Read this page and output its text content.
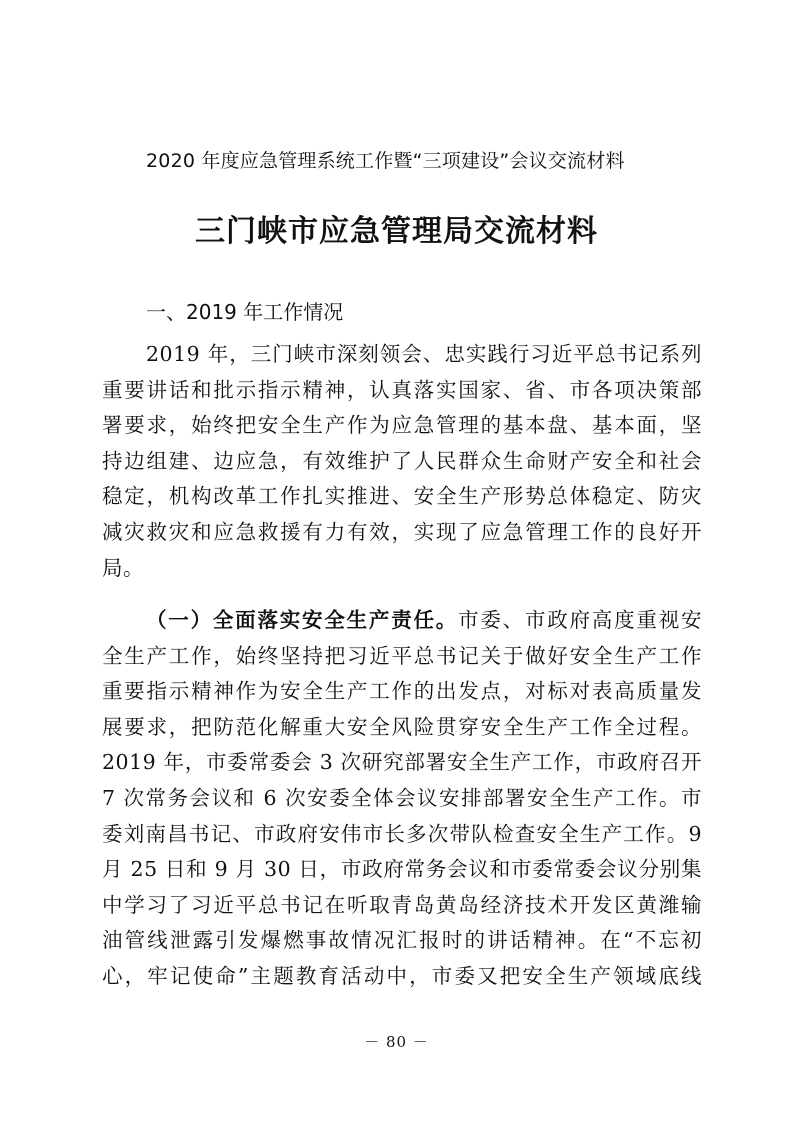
2020 年度应急管理系统工作暨“三项建设”会议交流材料
三门峡市应急管理局交流材料
一、2019 年工作情况
2019 年，三门峡市深刻领会、忠实践行习近平总书记系列
重要讲话和批示指示精神，认真落实国家、省、市各项决策部
署要求，始终把安全生产作为应急管理的基本盘、基本面，坚
持边组建、边应急，有效维护了人民群众生命财产安全和社会
稳定，机构改革工作扎实推进、安全生产形势总体稳定、防灾
减灾救灾和应急救援有力有效，实现了应急管理工作的良好开
局。
（一）全面落实安全生产责任。市委、市政府高度重视安
全生产工作，始终坚持把习近平总书记关于做好安全生产工作
重要指示精神作为安全生产工作的出发点，对标对表高质量发
展要求，把防范化解重大安全风险贯穿安全生产工作全过程。
2019 年，市委常委会 3 次研究部署安全生产工作，市政府召开
7 次常务会议和 6 次安委全体会议安排部署安全生产工作。市
委刘南昌书记、市政府安伟市长多次带队检查安全生产工作。9
月 25 日和 9 月 30 日，市政府常务会议和市委常委会议分别集
中学习了习近平总书记在听取青岛黄岛经济技术开发区黄潍输
油管线泄露引发爆燃事故情况汇报时的讲话精神。在“不忘初
心，牢记使命”主题教育活动中，市委又把安全生产领域底线
－ 80 －
